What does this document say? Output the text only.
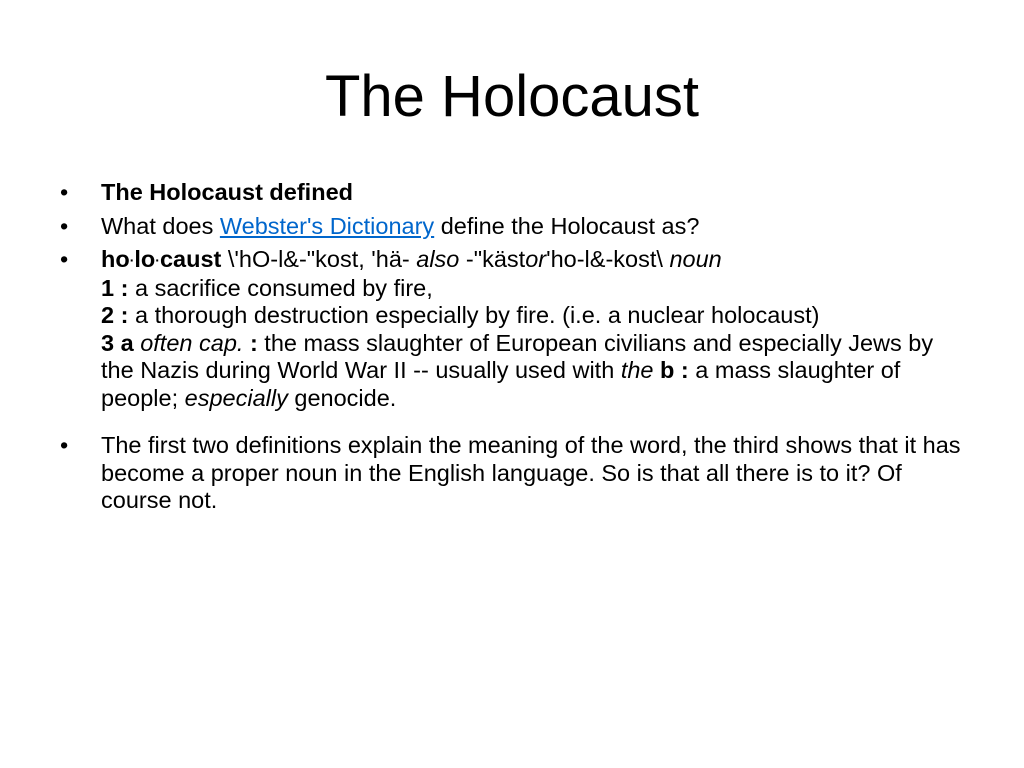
The Holocaust
•	The Holocaust defined
•	What does Webster's Dictionary define the Holocaust as?
•	ho·lo·caust \'hO-l&-"kost, 'hä- also -"kästor'ho-l&-kost\ noun
1 : a sacrifice consumed by fire,
2 : a thorough destruction especially by fire. (i.e. a nuclear holocaust)
3 a often cap. : the mass slaughter of European civilians and especially Jews by the Nazis during World War II -- usually used with the b : a mass slaughter of people; especially genocide.
•	The first two definitions explain the meaning of the word, the third shows that it has become a proper noun in the English language. So is that all there is to it? Of course not.
